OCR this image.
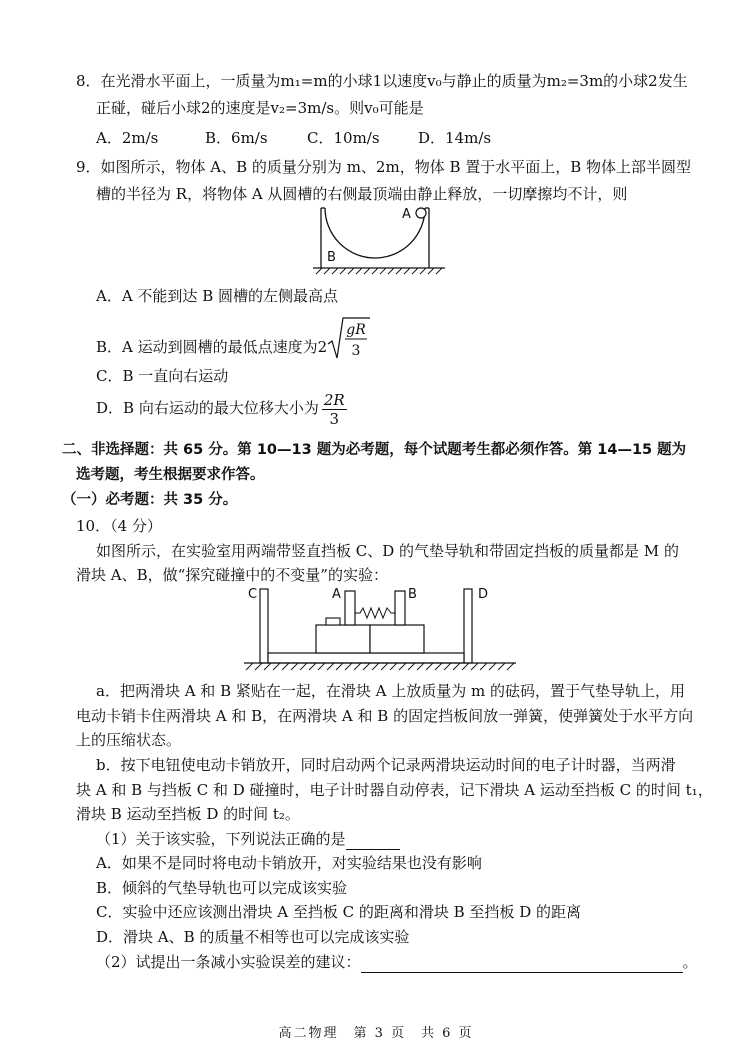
8．在光滑水平面上，一质量为m₁=m的小球1以速度v₀与静止的质量为m₂=3m的小球2发生
正碰，碰后小球2的速度是v₂=3m/s。则v₀可能是
A．2m/s	B．6m/s	C．10m/s	D．14m/s
9．如图所示，物体 A、B 的质量分别为 m、2m，物体 B 置于水平面上，B 物体上部半圆型
槽的半径为 R，将物体 A 从圆槽的右侧最顶端由静止释放，一切摩擦均不计，则
A
B
A．A 不能到达 B 圆槽的左侧最高点
B．A 运动到圆槽的最低点速度为2
gR
3
C．B 一直向右运动
D．B 向右运动的最大位移大小为 $\frac{2R}{3}$
二、非选择题：共 65 分。第 10—13 题为必考题，每个试题考生都必须作答。第 14—15 题为
选考题，考生根据要求作答。
（一）必考题：共 35 分。
10．（4 分）
如图所示，在实验室用两端带竖直挡板 C、D 的气垫导轨和带固定挡板的质量都是 M 的
滑块 A、B，做“探究碰撞中的不变量”的实验：
C	A	B	D
a．把两滑块 A 和 B 紧贴在一起，在滑块 A 上放质量为 m 的砝码，置于气垫导轨上，用
电动卡销卡住两滑块 A 和 B，在两滑块 A 和 B 的固定挡板间放一弹簧，使弹簧处于水平方向
上的压缩状态。
b．按下电钮使电动卡销放开，同时启动两个记录两滑块运动时间的电子计时器，当两滑
块 A 和 B 与挡板 C 和 D 碰撞时，电子计时器自动停表，记下滑块 A 运动至挡板 C 的时间 t₁，
滑块 B 运动至挡板 D 的时间 t₂。
（1）关于该实验，下列说法正确的是
A．如果不是同时将电动卡销放开，对实验结果也没有影响
B．倾斜的气垫导轨也可以完成该实验
C．实验中还应该测出滑块 A 至挡板 C 的距离和滑块 B 至挡板 D 的距离
D．滑块 A、B 的质量不相等也可以完成该实验
（2）试提出一条减小实验误差的建议：	。
高二物理　第 3 页　共 6 页
